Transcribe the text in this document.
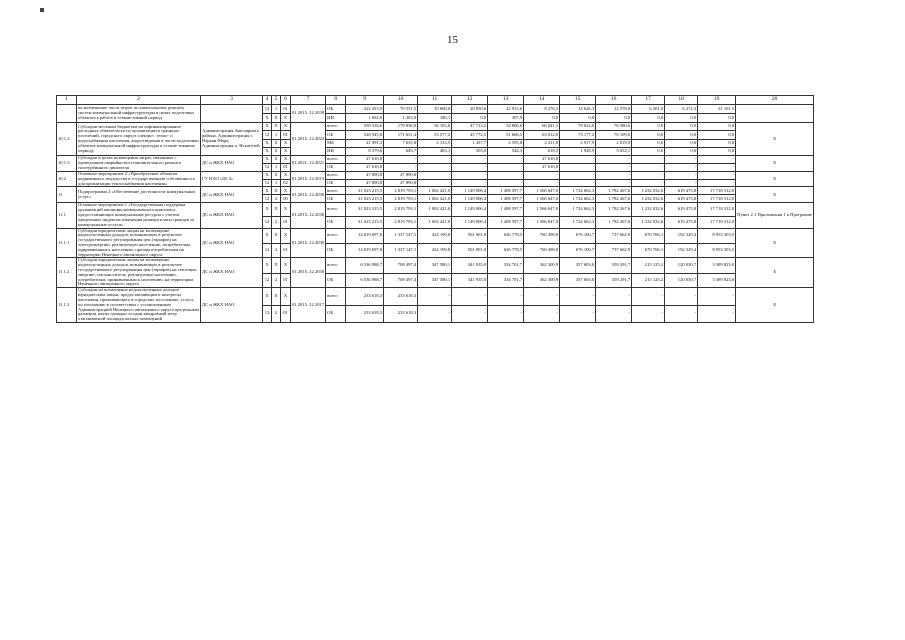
15
1	2	3	4	5	6	7	8	9	10	11	12	13	14	15	16	17	18	19	20
	на возмещение части затрат по капитальному ремонту систем коммунальной инфраструктуры в целях подготовки объектов к работе в осенне-зимний период		12	1	01	01.2015–12.2030	ОБ	222 433,9	79 551,5	10 000,0	20 850,6	22 915,6	8 276,5	14 626,3	12 578,8	6 201,0	6 272,3	31 161,5	
			X	X	X		ИИ	1 692,0	1 203,9	180,1	0,0	307,9	0,0	0,0	0,0	0,0	0,0	0,0	
10.1.2	Субсидии местным бюджетам на софинансирование расходных обязательств по организации в границах поселений, городского округа электро-, тепло- и водоснабжения населения, водоотведения в части подготовки объектов коммунальной инфраструктуры к осенне-зимнему периоду	Администрация Заполярного района, Администрация г. Нарьян-Мара, Администрация п. Искателей	X	X	X	01.2015–12.2024	всего	559 316,6	179 936,9	56 193,8	47 713,2	54 806,6	66 041,5	78 024,0	76 580,6	0,0	0,0	0,0	X
			12	1	01		ОБ	528 945,8	171 651,4	53 577,2	45 772,5	51 666,5	63 012,0	73 177,2	70 109,0	0,0	0,0	0,0	
			X	X	X		МБ	21 991,3	7 635,8	2 133,5	1 437,7	2 595,8	2 411,0	2 917,9	2 819,5	0,0	0,0	0,0	
			X	X	X		ИИ	8 379,6	649,7	483,1	503,0	544,3	618,5	1 928,9	3 652,1	0,0	0,0	0,0	
10.1.3	Субсидии в целях возмещения затрат, связанных с проведением аварийно-восстановительного ремонта газотурбинного двигателя	ДС и ЖКХ НАО	X	X	X	01.2021–12.2021	всего	27 610,0	-	-	-	-	27 610,0	-	-	-	-	-	X
			12	1	01		ОБ	27 610,0	-	-	-	-	27 610,0	-	-	-	-	-	
10.2	Основное мероприятие 2 «Приобретение объектов недвижимого имущества в государственную собственность для организации теплоснабжения населения»	ГУ НАО «ЦСЗ»	X	X	X	01.2015–12.2015	всего	47 890,8	47 890,8	-	-	-	-	-	-	-	-	-	X
			12	1	02		ОБ	47 890,8	47 890,8	-	-	-	-	-	-	-	-	-	
11	Подпрограмма 2 «Обеспечение доступности коммунальных услуг»	ДС и ЖКХ НАО	X	X	X	01.2015–12.2030	всего	31 023 215,5	2 819 793,1	1 002 421,0	1 149 006,4	1 408 597,7	1 566 647,0	1 724 662,3	1 782 267,6	1 232 032,6	619 475,8	17 718 312,0	X
			12	2	00		ОБ	31 023 215,5	2 819 793,1	1 002 421,0	1 149 006,4	1 408 597,7	1 566 647,0	1 724 662,3	1 782 267,6	1 232 032,6	619 475,8	17 718 312,0	
11.1	Основное мероприятие 1 «Государственная поддержка организаций жилищно-коммунального комплекса предоставляющих коммунальные ресурсы с учетом предельных индексов изменения размера платы граждан за коммунальные услуги»	ДС и ЖКХ НАО	X	X	X	01.2015–12.2030	всего	31 023 215,5	2 819 793,1	1 002 421,0	1 149 006,4	1 408 597,7	1 566 647,0	1 724 662,3	1 782 267,6	1 232 032,6	619 475,8	17 718 312,0	Пункт 2.1 Приложения 1 к Программе
			12	2	01		ОБ	31 023 215,5	2 819 793,1	1 002 421,0	1 149 006,4	1 408 597,7	1 566 647,0	1 724 662,3	1 782 267,6	1 232 032,6	619 475,8	17 718 312,0	
11.1.1	Субсидии юридическим лицам на возмещение недополученных доходов, возникающих в результате государственного регулирования цен (тарифов) на электроэнергию, реализуемую населению, потребителям, приравненным к населению, прочим потребителям на территории Ненецкого автономного округа	ДС и ЖКХ НАО	X	X	X	01.2015–12.2030	всего	14 819 697,8	1 337 147,1	424 109,8	501 001,0	626 778,5	760 498,8	676 100,7	737 662,9	670 766,1	192 329,4	8 953 303,5	X
			12	2	01		ОБ	14 819 697,8	1 337 147,1	424 109,8	501 001,0	626 778,5	760 498,8	676 100,7	737 662,9	670 766,1	192 329,4	8 953 303,5	
11.1.2	Субсидии юридическим лицам на возмещение недополученных доходов, возникающих в результате государственного регулирования цен (тарифов) на тепловую энергию, теплоноситель, реализуемые населению, потребителям, приравненным к населению, на территории Ненецкого автономного округа	ДС и ЖКХ НАО	X	X	X	01.2015–12.2030	всего	6 536 988,7	708 497,4	347 580,1	341 935,0	334 701,7	362 300,9	357 603,0	359 291,7	215 125,2	120 030,7	3 389 823,0	X
			12	2	01		ОБ	6 536 988,7	708 497,4	347 580,1	341 935,0	334 701,7	362 300,9	357 603,0	359 291,7	215 125,2	120 030,7	3 389 823,0	
11.1.3	Субсидии на возмещение недополученных доходов юридическим лицам, предоставляющим в интересах населения, проживающего в городских поселениях, услугу по отоплению в соответствии с установленным Администрацией Ненецкого автономного округа предельным размером платы граждан за один квадратный метр отапливаемой площади жилых помещений	ДС и ЖКХ НАО	X	X	X	01.2015–12.2017	всего	233 618,3	233 618,3	-	-	-	-	-	-	-	-	-	X
			12	2	01		ОБ	233 618,3	233 618,3	-	-	-	-	-	-	-	-	-	
